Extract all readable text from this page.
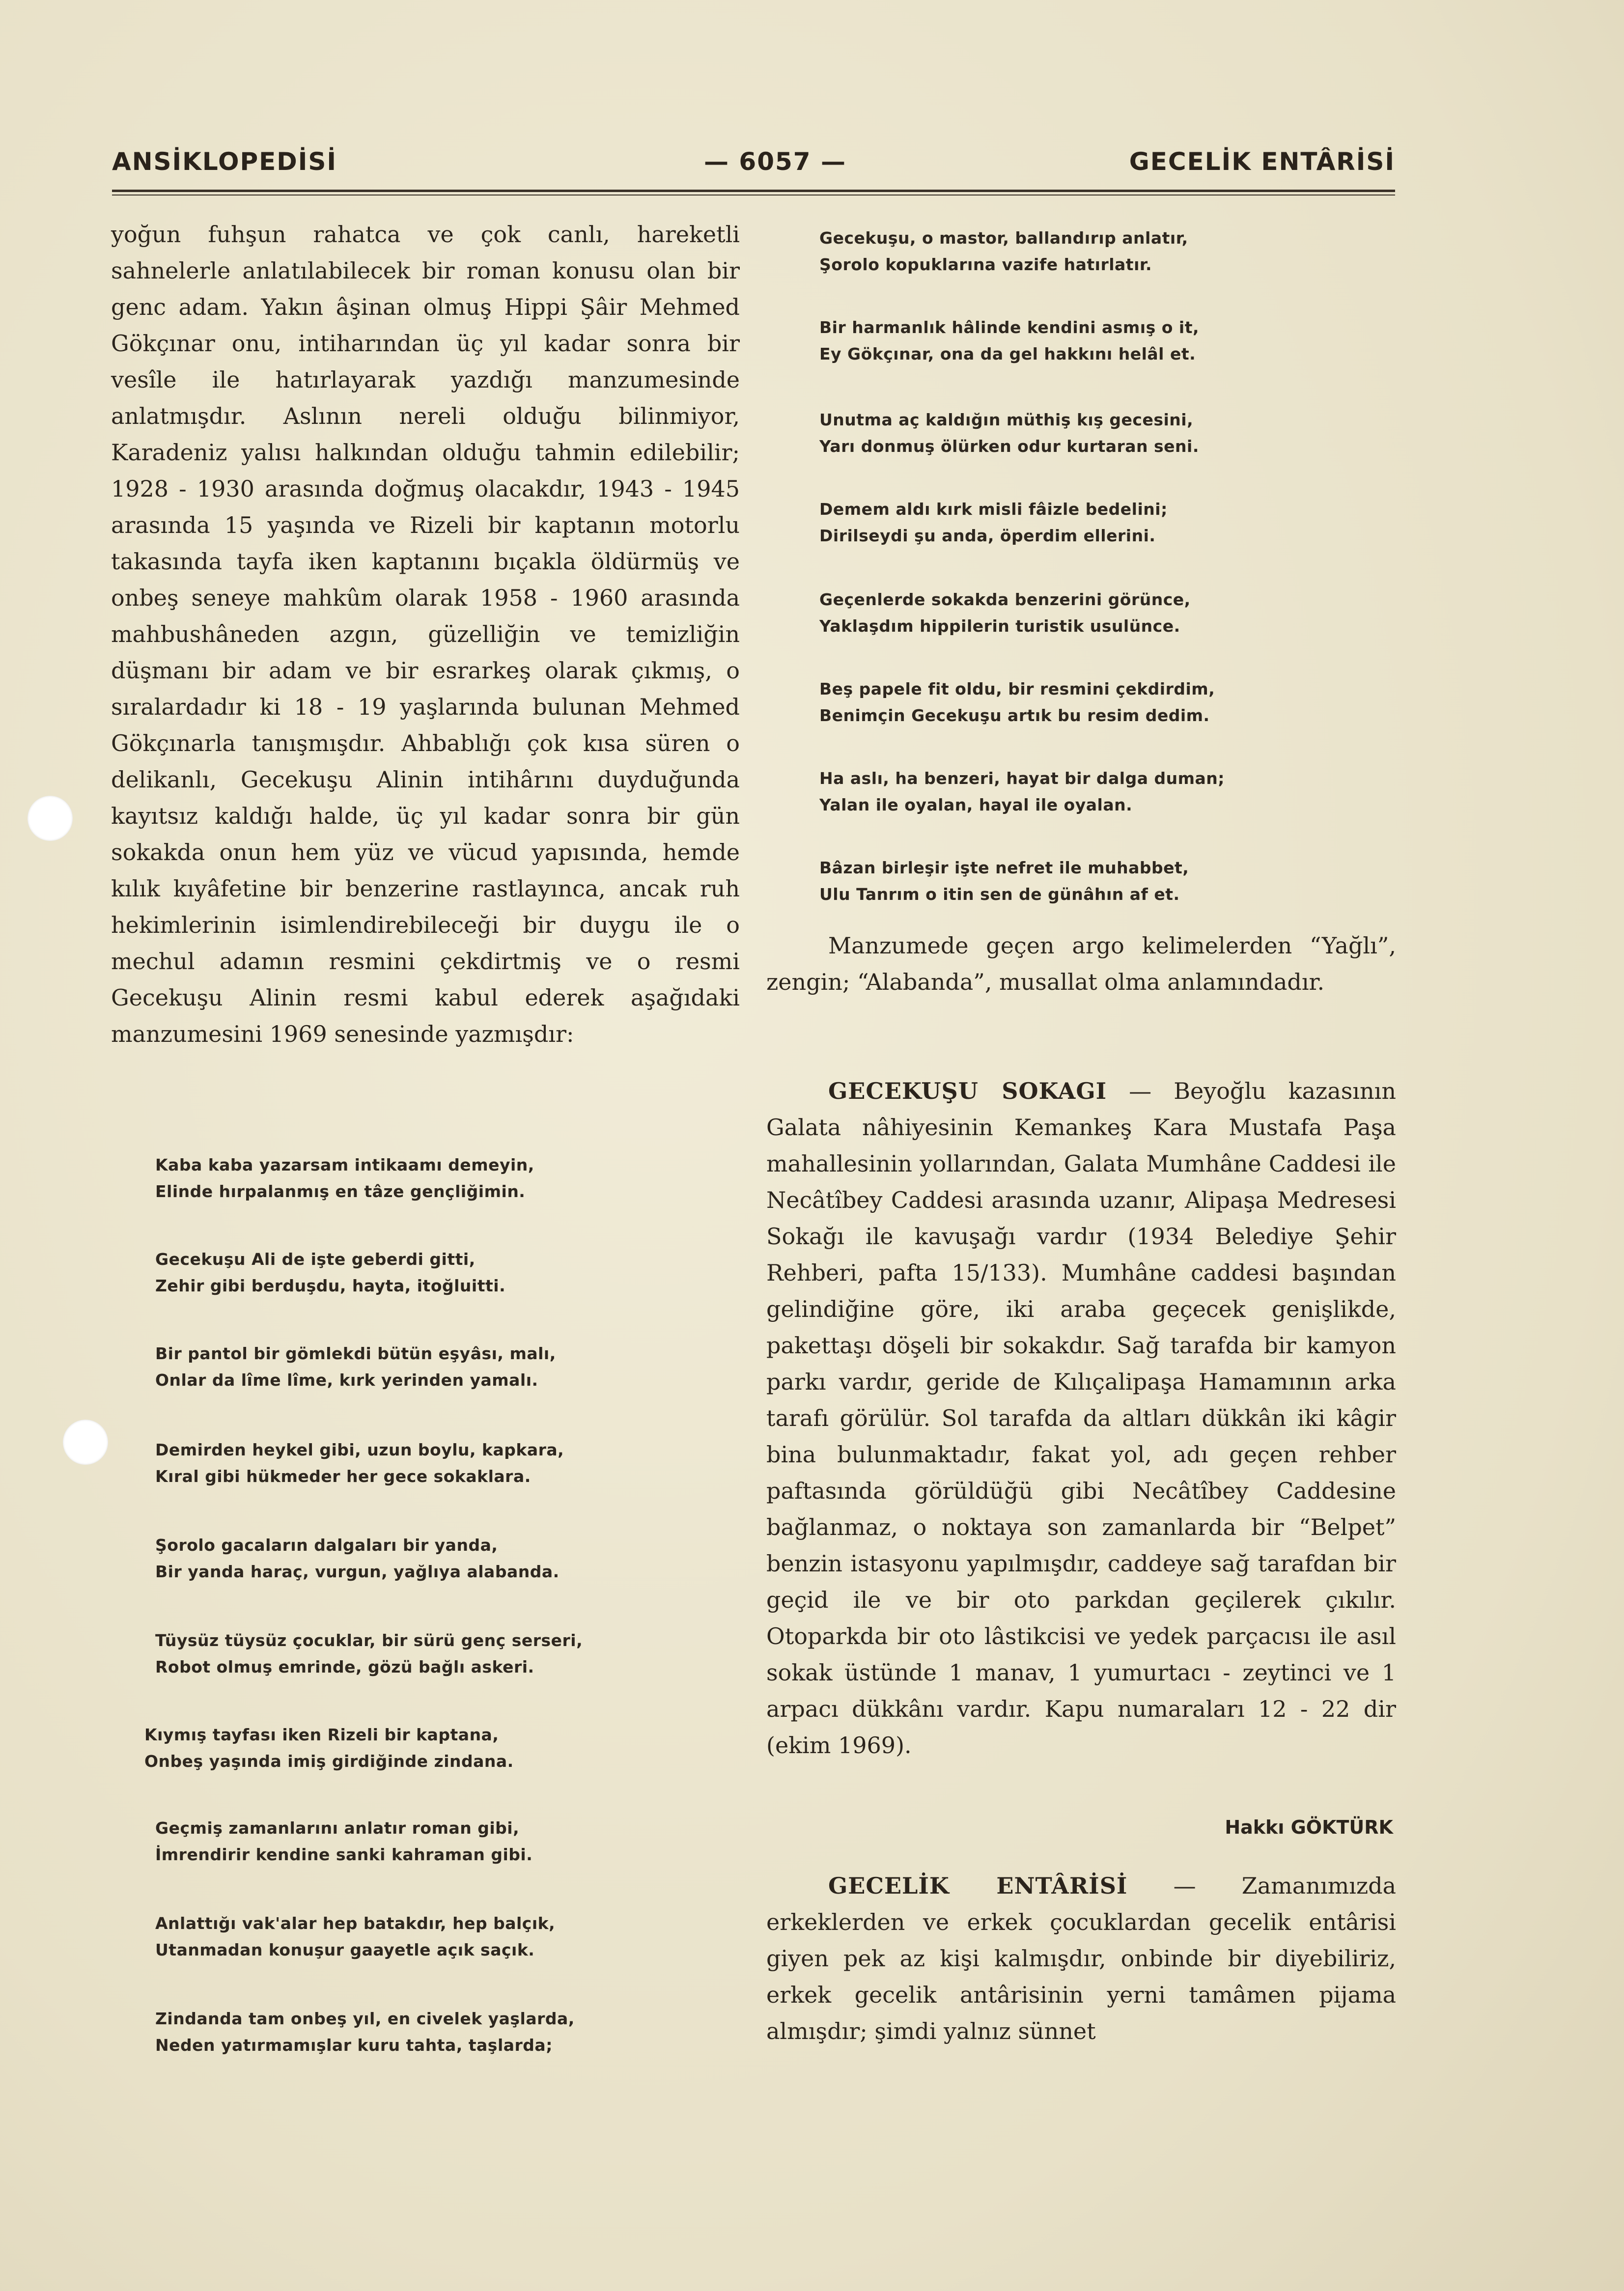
ANSİKLOPEDİSİ	— 6057 —	GECELİK ENTÂRİSİ

yoğun fuhşun rahatca ve çok canlı, hareketli sahnelerle anlatılabilecek bir roman konusu olan bir genc adam. Yakın âşinan olmuş Hippi Şâir Mehmed Gökçınar onu, intiharından üç yıl kadar sonra bir vesîle ile hatırlayarak yazdığı manzumesinde anlatmışdır. Aslının nereli olduğu bilinmiyor, Karadeniz yalısı halkından olduğu tahmin edilebilir; 1928 - 1930 arasında doğmuş olacakdır, 1943 - 1945 arasında 15 yaşında ve Rizeli bir kaptanın motorlu takasında tayfa iken kaptanını bıçakla öldürmüş ve onbeş seneye mahkûm olarak 1958 - 1960 arasında mahbushâneden azgın, güzelliğin ve temizliğin düşmanı bir adam ve bir esrarkeş olarak çıkmış, o sıralardadır ki 18 - 19 yaşlarında bulunan Mehmed Gökçınarla tanışmışdır. Ahbablığı çok kısa süren o delikanlı, Gecekuşu Alinin intihârını duyduğunda kayıtsız kaldığı halde, üç yıl kadar sonra bir gün sokakda onun hem yüz ve vücud yapısında, hemde kılık kıyâfetine bir benzerine rastlayınca, ancak ruh hekimlerinin isimlendirebileceği bir duygu ile o mechul adamın resmini çekdirtmiş ve o resmi Gecekuşu Alinin resmi kabul ederek aşağıdaki manzumesini 1969 senesinde yazmışdır:

Kaba kaba yazarsam intikaamı demeyin,
Elinde hırpalanmış en tâze gençliğimin.
Gecekuşu Ali de işte geberdi gitti,
Zehir gibi berduşdu, hayta, itoğluitti.
Bir pantol bir gömlekdi bütün eşyâsı, malı,
Onlar da lîme lîme, kırk yerinden yamalı.
Demirden heykel gibi, uzun boylu, kapkara,
Kıral gibi hükmeder her gece sokaklara.
Şorolo gacaların dalgaları bir yanda,
Bir yanda haraç, vurgun, yağlıya alabanda.
Tüysüz tüysüz çocuklar, bir sürü genç serseri,
Robot olmuş emrinde, gözü bağlı askeri.
Kıymış tayfası iken Rizeli bir kaptana,
Onbeş yaşında imiş girdiğinde zindana.
Geçmiş zamanlarını anlatır roman gibi,
İmrendirir kendine sanki kahraman gibi.
Anlattığı vak'alar hep batakdır, hep balçık,
Utanmadan konuşur gaayetle açık saçık.
Zindanda tam onbeş yıl, en civelek yaşlarda,
Neden yatırmamışlar kuru tahta, taşlarda;
Gecekuşu, o mastor, ballandırıp anlatır,
Şorolo kopuklarına vazife hatırlatır.
Bir harmanlık hâlinde kendini asmış o it,
Ey Gökçınar, ona da gel hakkını helâl et.
Unutma aç kaldığın müthiş kış gecesini,
Yarı donmuş ölürken odur kurtaran seni.
Demem aldı kırk misli fâizle bedelini;
Dirilseydi şu anda, öperdim ellerini.
Geçenlerde sokakda benzerini görünce,
Yaklaşdım hippilerin turistik usulünce.
Beş papele fit oldu, bir resmini çekdirdim,
Benimçin Gecekuşu artık bu resim dedim.
Ha aslı, ha benzeri, hayat bir dalga duman;
Yalan ile oyalan, hayal ile oyalan.
Bâzan birleşir işte nefret ile muhabbet,
Ulu Tanrım o itin sen de günâhın af et.

Manzumede geçen argo kelimelerden “Yağlı”, zengin; “Alabanda”, musallat olma anlamındadır.

GECEKUŞU SOKAGI — Beyoğlu kazasının Galata nâhiyesinin Kemankeş Kara Mustafa Paşa mahallesinin yollarından, Galata Mumhâne Caddesi ile Necâtîbey Caddesi arasında uzanır, Alipaşa Medresesi Sokağı ile kavuşağı vardır (1934 Belediye Şehir Rehberi, pafta 15/133). Mumhâne caddesi başından gelindiğine göre, iki araba geçecek genişlikde, pakettaşı döşeli bir sokakdır. Sağ tarafda bir kamyon parkı vardır, geride de Kılıçalipaşa Hamamının arka tarafı görülür. Sol tarafda da altları dükkân iki kâgir bina bulunmaktadır, fakat yol, adı geçen rehber paftasında görüldüğü gibi Necâtîbey Caddesine bağlanmaz, o noktaya son zamanlarda bir “Belpet” benzin istasyonu yapılmışdır, caddeye sağ tarafdan bir geçid ile ve bir oto parkdan geçilerek çıkılır. Otoparkda bir oto lâstikcisi ve yedek parçacısı ile asıl sokak üstünde 1 manav, 1 yumurtacı - zeytinci ve 1 arpacı dükkânı vardır. Kapu numaraları 12 - 22 dir (ekim 1969).

Hakkı GÖKTÜRK

GECELİK ENTÂRİSİ — Zamanımızda erkeklerden ve erkek çocuklardan gecelik entârisi giyen pek az kişi kalmışdır, onbinde bir diyebiliriz, erkek gecelik antârisinin yerni tamâmen pijama almışdır; şimdi yalnız sünnet
